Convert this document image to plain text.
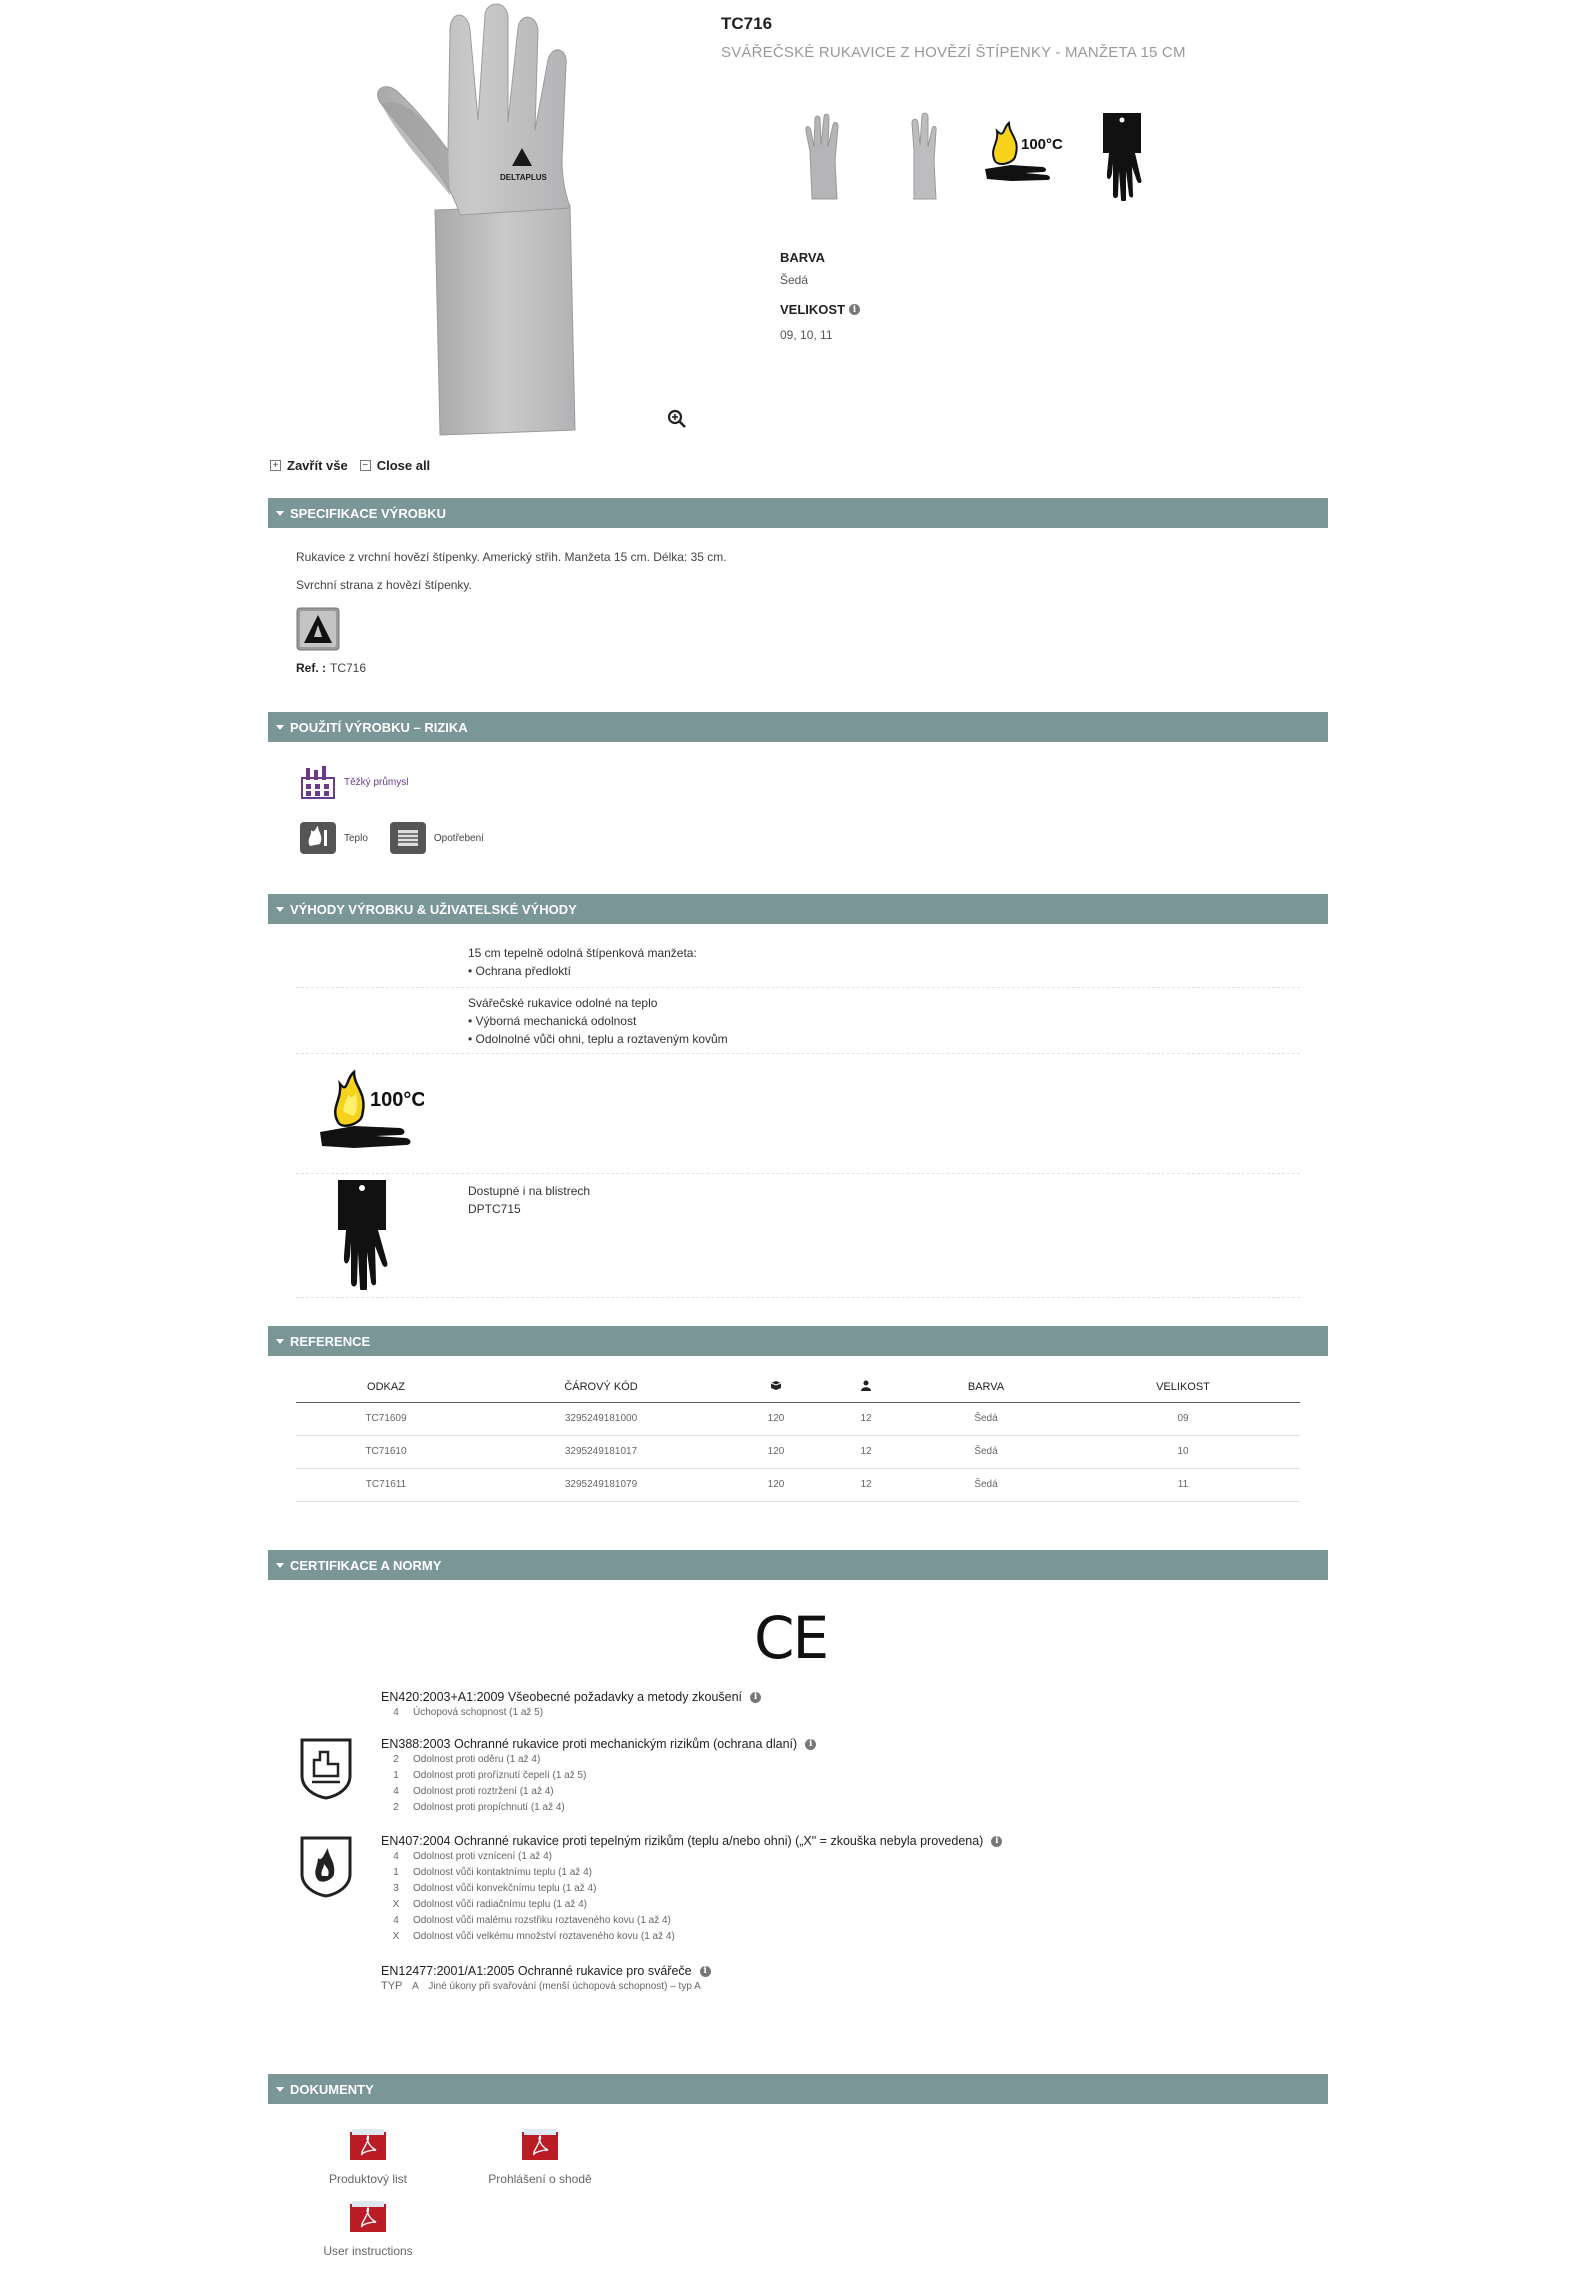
DELTAPLUS
TC716
SVÁŘEČSKÉ RUKAVICE Z HOVĚZÍ ŠTÍPENKY - MANŽETA 15 CM
100°C
BARVA
Šedá
VELIKOST i
09, 10, 11
+ Zavřít vše − Close all
SPECIFIKACE VÝROBKU
Rukavice z vrchní hovězí štípenky. Americký střih. Manžeta 15 cm. Délka: 35 cm.
Svrchní strana z hovězí štípenky.
Ref. : TC716
POUŽITÍ VÝROBKU – RIZIKA
Těžký průmysl
Teplo	Opotřebení
VÝHODY VÝROBKU & UŽIVATELSKÉ VÝHODY
15 cm tepelně odolná štípenková manžeta:
• Ochrana předloktí
Svářečské rukavice odolné na teplo
• Výborná mechanická odolnost
• Odolnolné vůči ohni, teplu a roztaveným kovům
100°C
Dostupné i na blistrech
DPTC715
REFERENCE
ODKAZ	ČÁROVÝ KÓD			BARVA	VELIKOST
TC71609	3295249181000	120	12	Šedá	09
TC71610	3295249181017	120	12	Šedá	10
TC71611	3295249181079	120	12	Šedá	11
CERTIFIKACE A NORMY
CE
EN420:2003+A1:2009 Všeobecné požadavky a metody zkoušení	i
4 Úchopová schopnost (1 až 5)
EN388:2003 Ochranné rukavice proti mechanickým rizikům (ochrana dlaní)	i
2 Odolnost proti oděru (1 až 4)
1 Odolnost proti proříznutí čepelí (1 až 5)
4 Odolnost proti roztržení (1 až 4)
2 Odolnost proti propíchnutí (1 až 4)
EN407:2004 Ochranné rukavice proti tepelným rizikům (teplu a/nebo ohni) („X" = zkouška nebyla provedena)	i
4 Odolnost proti vznícení (1 až 4)
1 Odolnost vůči kontaktnímu teplu (1 až 4)
3 Odolnost vůči konvekčnímu teplu (1 až 4)
X Odolnost vůči radiačnímu teplu (1 až 4)
4 Odolnost vůči malému rozstřiku roztaveného kovu (1 až 4)
X Odolnost vůči velkému množství roztaveného kovu (1 až 4)
EN12477:2001/A1:2005 Ochranné rukavice pro svářeče	i
TYP A Jiné úkony při svařování (menší úchopová schopnost) – typ A
DOKUMENTY
Produktový list	Prohlášení o shodě
User instructions
